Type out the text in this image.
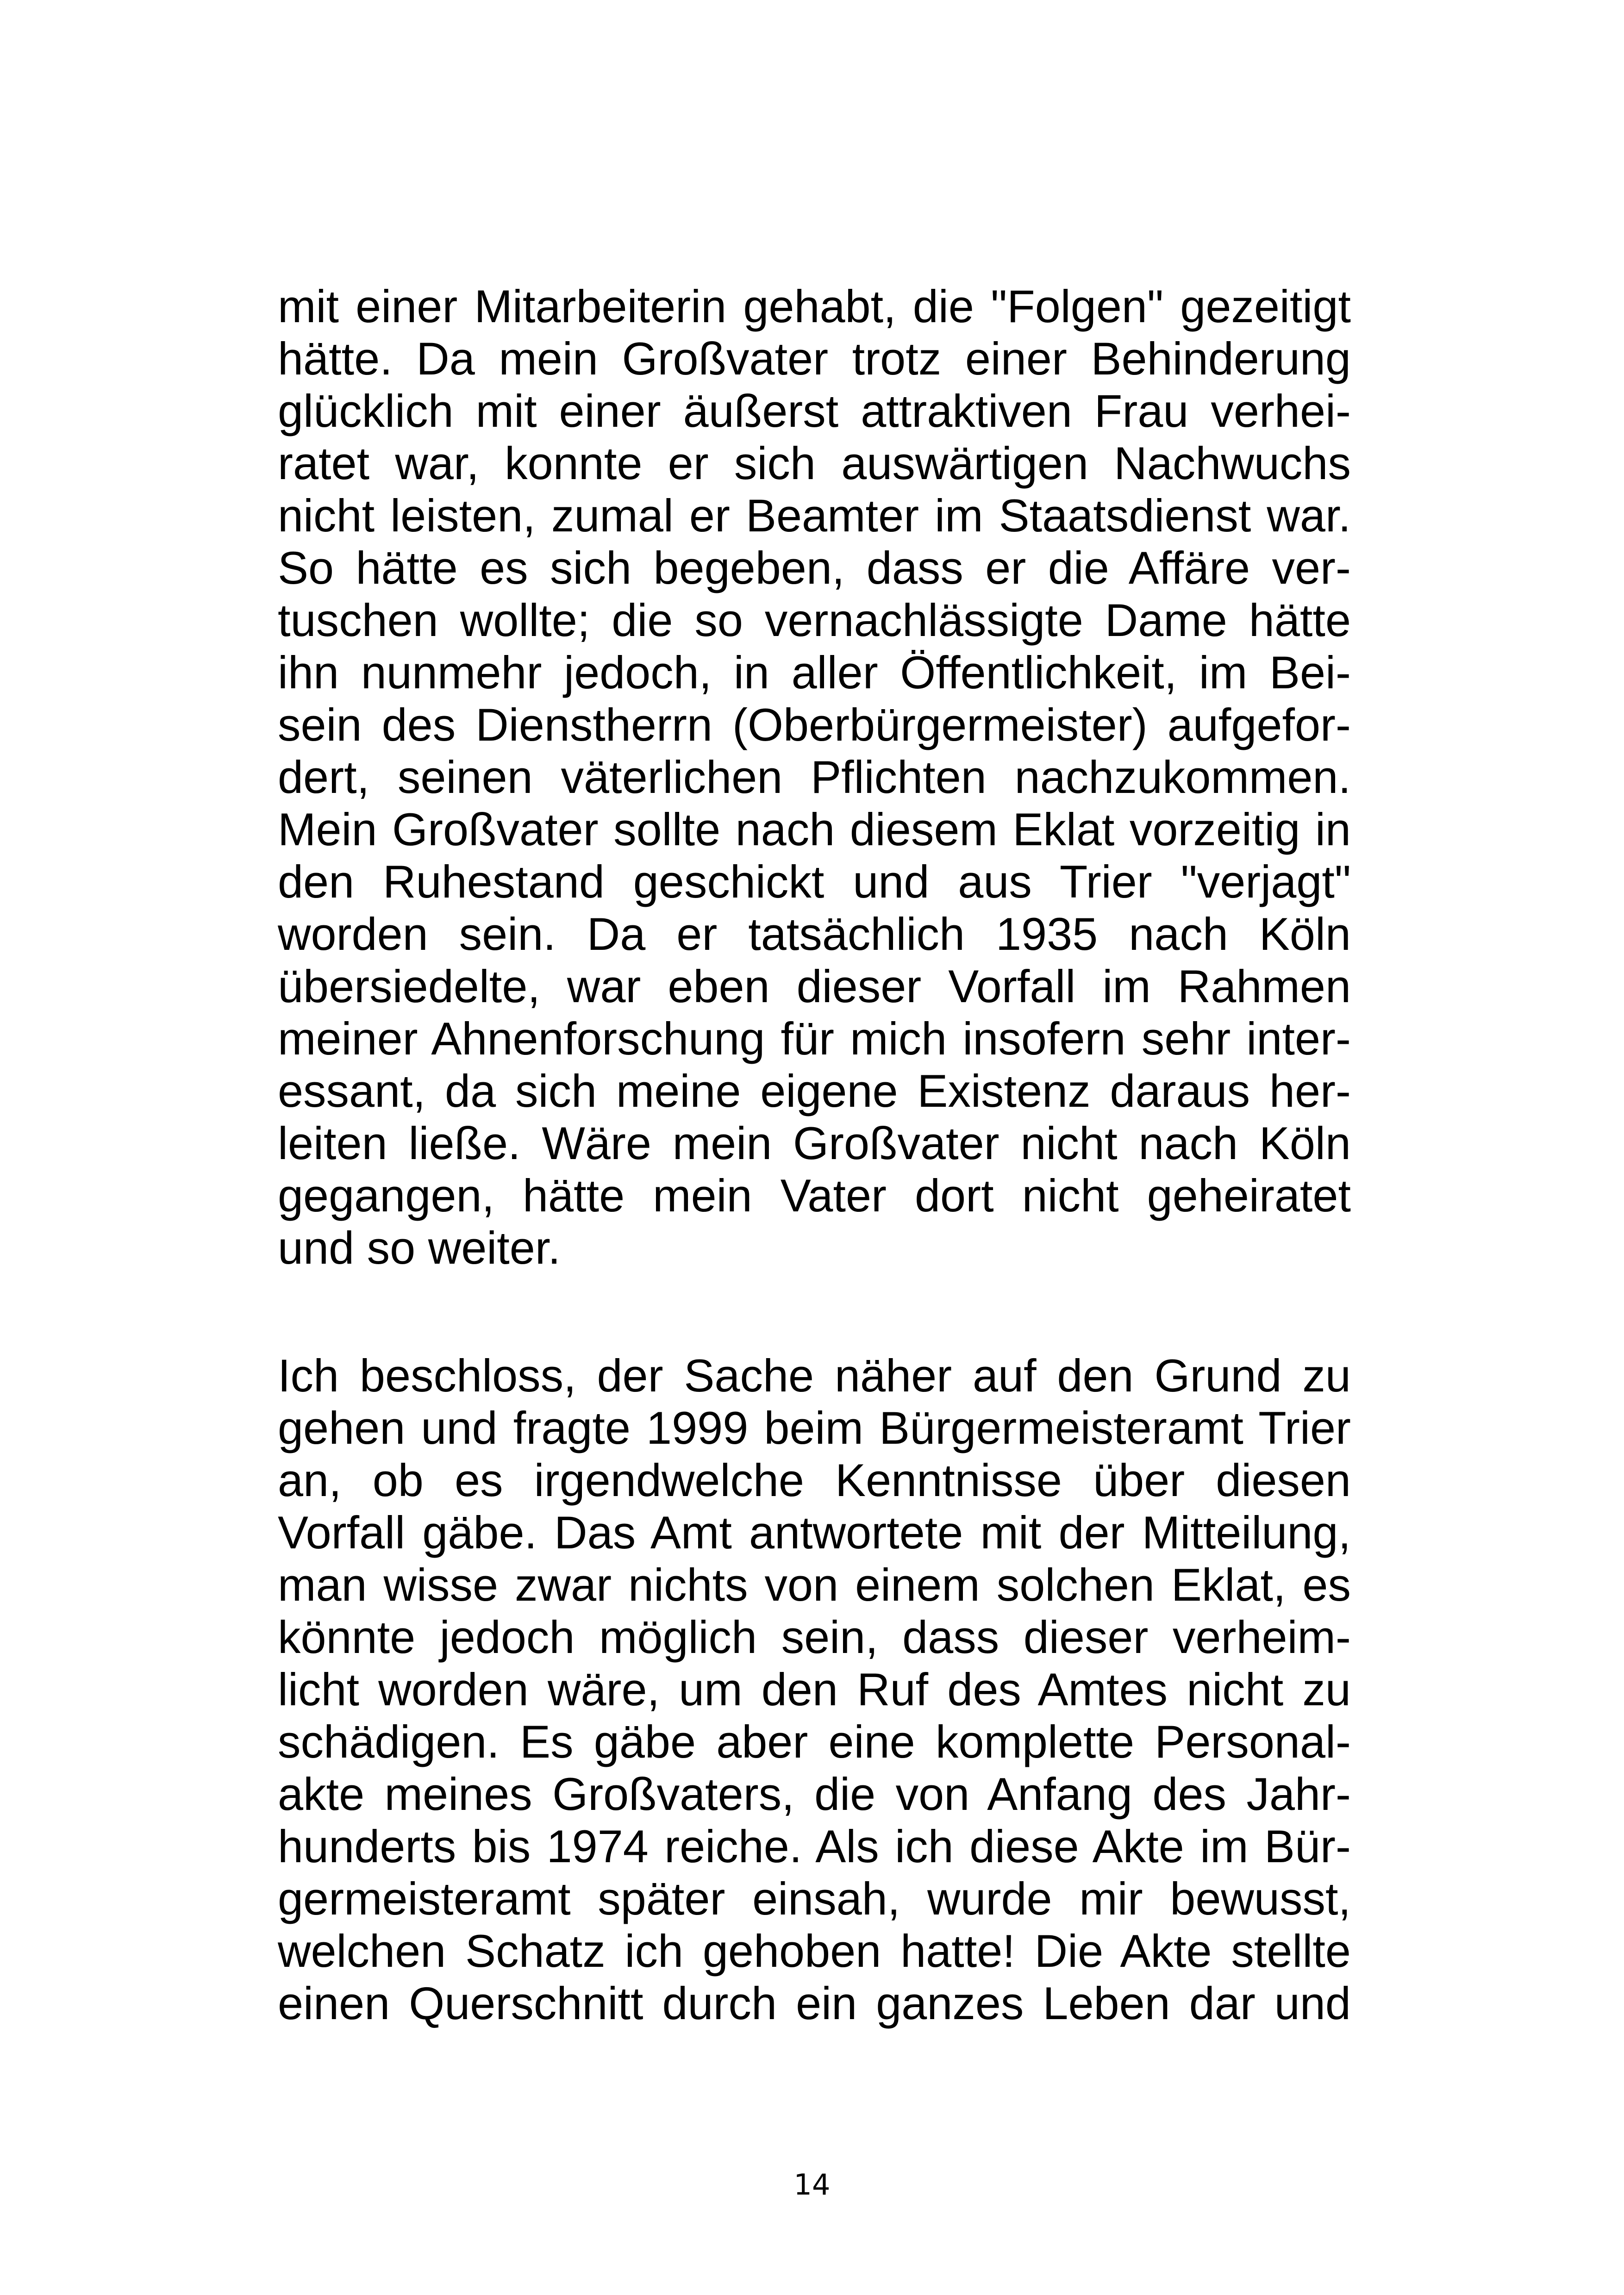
mit einer Mitarbeiterin gehabt, die "Folgen" gezeitigt
hätte. Da mein Großvater trotz einer Behinderung
glücklich mit einer äußerst attraktiven Frau verhei-
ratet war, konnte er sich auswärtigen Nachwuchs
nicht leisten, zumal er Beamter im Staatsdienst war.
So hätte es sich begeben, dass er die Affäre ver-
tuschen wollte; die so vernachlässigte Dame hätte
ihn nunmehr jedoch, in aller Öffentlichkeit, im Bei-
sein des Dienstherrn (Oberbürgermeister) aufgefor-
dert, seinen väterlichen Pflichten nachzukommen.
Mein Großvater sollte nach diesem Eklat vorzeitig in
den Ruhestand geschickt und aus Trier "verjagt"
worden sein. Da er tatsächlich 1935 nach Köln
übersiedelte, war eben dieser Vorfall im Rahmen
meiner Ahnenforschung für mich insofern sehr inter-
essant, da sich meine eigene Existenz daraus her-
leiten ließe. Wäre mein Großvater nicht nach Köln
gegangen, hätte mein Vater dort nicht geheiratet
und so weiter.
Ich beschloss, der Sache näher auf den Grund zu
gehen und fragte 1999 beim Bürgermeisteramt Trier
an, ob es irgendwelche Kenntnisse über diesen
Vorfall gäbe. Das Amt antwortete mit der Mitteilung,
man wisse zwar nichts von einem solchen Eklat, es
könnte jedoch möglich sein, dass dieser verheim-
licht worden wäre, um den Ruf des Amtes nicht zu
schädigen. Es gäbe aber eine komplette Personal-
akte meines Großvaters, die von Anfang des Jahr-
hunderts bis 1974 reiche. Als ich diese Akte im Bür-
germeisteramt später einsah, wurde mir bewusst,
welchen Schatz ich gehoben hatte! Die Akte stellte
einen Querschnitt durch ein ganzes Leben dar und
14
